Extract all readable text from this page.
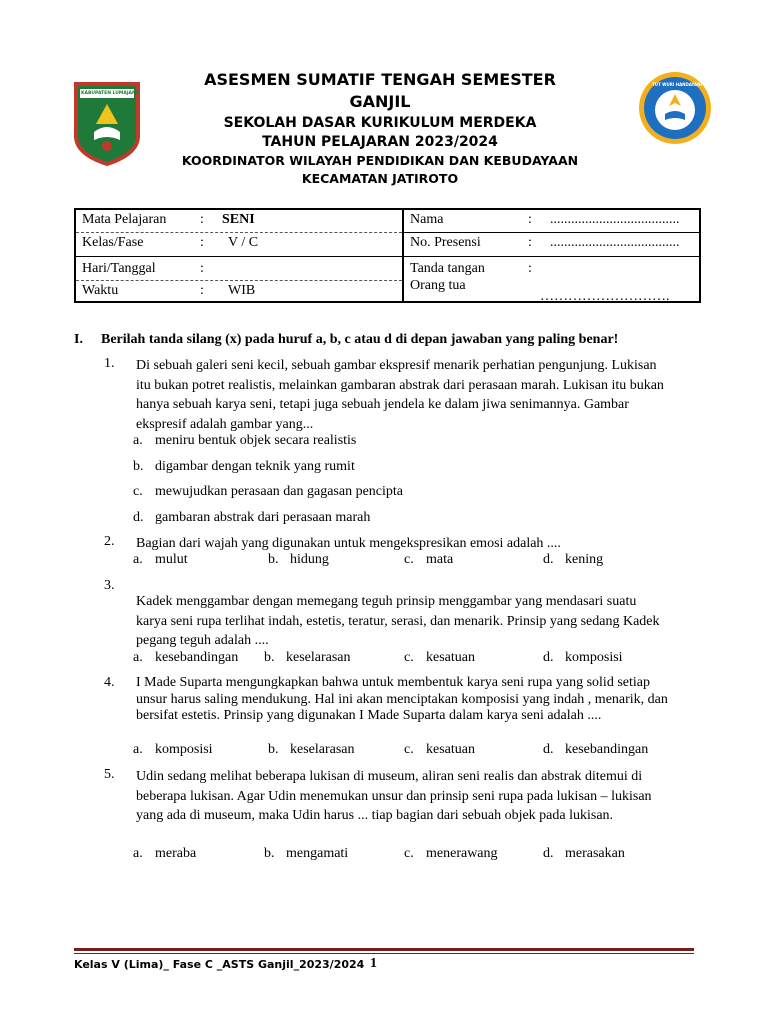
KABUPATEN LUMAJANG
TUT WURI HANDAYANI
ASESMEN SUMATIF TENGAH SEMESTER
GANJIL
SEKOLAH DASAR KURIKULUM MERDEKA
TAHUN PELAJARAN 2023/2024
KOORDINATOR WILAYAH PENDIDIKAN DAN KEBUDAYAAN
KECAMATAN JATIROTO
Mata Pelajaran : SENI	Nama : .....................................
Kelas/Fase : V / C	No. Presensi : .....................................
Hari/Tanggal :	Tanda tangan :
Orang tua
……………………….

Waktu : WIB	
I. Berilah tanda silang (x) pada huruf a, b, c atau d di depan jawaban yang paling benar!
1. Di sebuah galeri seni kecil, sebuah gambar ekspresif menarik perhatian pengunjung. Lukisan itu bukan potret realistis, melainkan gambaran abstrak dari perasaan marah. Lukisan itu bukan hanya sebuah karya seni, tetapi juga sebuah jendela ke dalam jiwa senimannya. Gambar ekspresif adalah gambar yang...
a. meniru bentuk objek secara realistis
b. digambar dengan teknik yang rumit
c. mewujudkan perasaan dan gagasan pencipta
d. gambaran abstrak dari perasaan marah
2. Bagian dari wajah yang digunakan untuk mengekspresikan emosi adalah ....
a. mulut	b. hidung	c. mata	d. kening
3.
Kadek menggambar dengan memegang teguh prinsip menggambar yang mendasari suatu karya seni rupa terlihat indah, estetis, teratur, serasi, dan menarik. Prinsip yang sedang Kadek pegang teguh adalah ....
a. kesebandingan b. keselarasan	c. kesatuan	d. komposisi
4. I Made Suparta mengungkapkan bahwa untuk membentuk karya seni rupa yang solid setiap unsur harus saling mendukung. Hal ini akan menciptakan komposisi yang indah , menarik, dan bersifat estetis. Prinsip yang digunakan I Made Suparta dalam karya seni adalah ....
a. komposisi	b. keselarasan	c. kesatuan	d. kesebandingan
5. Udin sedang melihat beberapa lukisan di museum, aliran seni realis dan abstrak ditemui di beberapa lukisan. Agar Udin menemukan unsur dan prinsip seni rupa pada lukisan – lukisan yang ada di museum, maka Udin harus ... tiap bagian dari sebuah objek pada lukisan.
a. meraba	b. mengamati	c. menerawang	d. merasakan
Kelas V (Lima)_ Fase C _ASTS Ganjil_2023/2024 1
